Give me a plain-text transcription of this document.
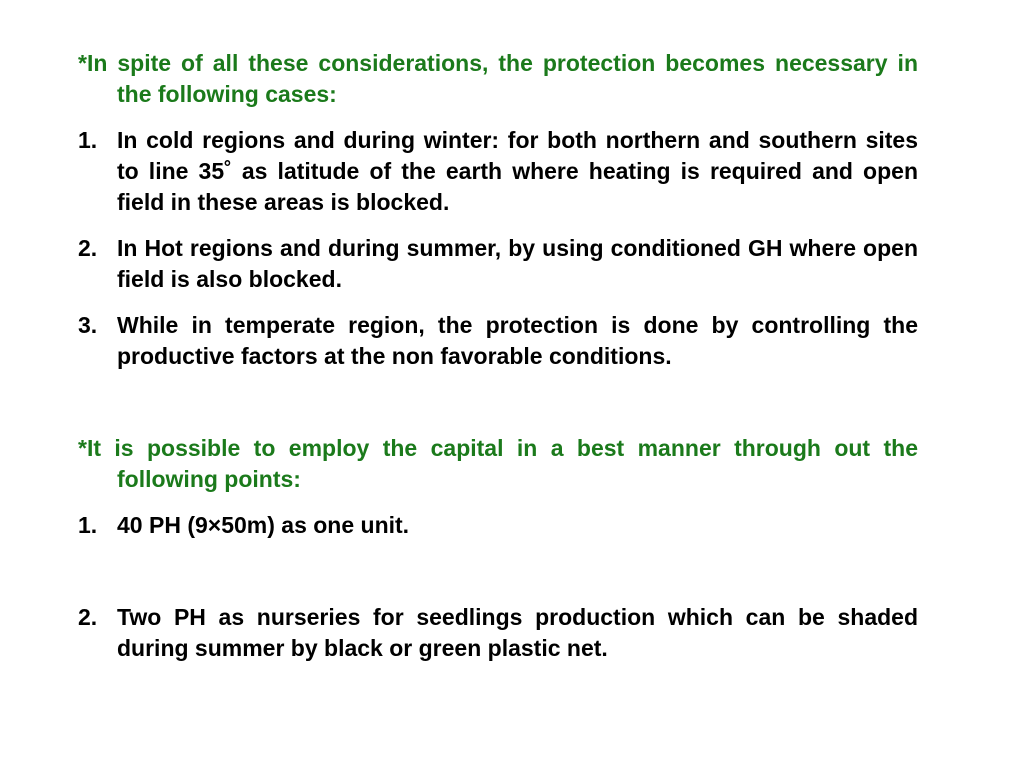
*In spite of all these considerations, the protection becomes necessary in the following cases:

1. In cold regions and during winter: for both northern and southern sites to line 35˚ as latitude of the earth where heating is required and open field in these areas is blocked.
2. In Hot regions and during summer, by using conditioned GH where open field is also blocked.
3. While in temperate region, the protection is done by controlling the productive factors at the non favorable conditions.

*It is possible to employ the capital in a best manner through out the following points:

1. 40 PH (9×50m) as one unit.
2. Two PH as nurseries for seedlings production which can be shaded during summer by black or green plastic net.
